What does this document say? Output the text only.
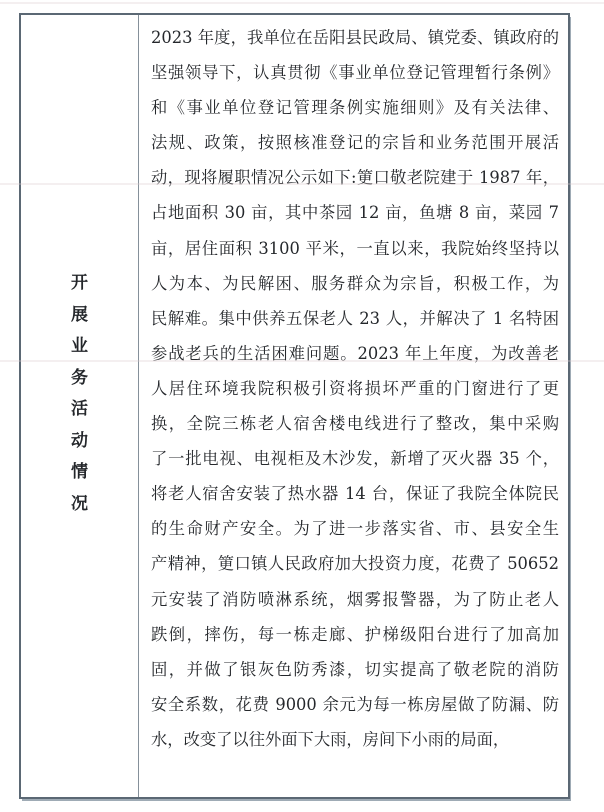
开
展
业
务
活
动
情
况
2023 年度，我单位在岳阳县民政局、镇党委、镇政府的
坚强领导下，认真贯彻《事业单位登记管理暂行条例》
和《事业单位登记管理条例实施细则》及有关法律、
法规、政策，按照核准登记的宗旨和业务范围开展活
动，现将履职情况公示如下:筻口敬老院建于 1987 年，
占地面积 30 亩，其中茶园 12 亩，鱼塘 8 亩，菜园 7
亩，居住面积 3100 平米，一直以来，我院始终坚持以
人为本、为民解困、服务群众为宗旨，积极工作，为
民解难。集中供养五保老人 23 人，并解决了 1 名特困
参战老兵的生活困难问题。2023 年上年度，为改善老
人居住环境我院积极引资将损坏严重的门窗进行了更
换，全院三栋老人宿舍楼电线进行了整改，集中采购
了一批电视、电视柜及木沙发，新增了灭火器 35 个，
将老人宿舍安装了热水器 14 台，保证了我院全体院民
的生命财产安全。为了进一步落实省、市、县安全生
产精神，筻口镇人民政府加大投资力度，花费了 50652
元安装了消防喷淋系统，烟雾报警器，为了防止老人
跌倒，摔伤，每一栋走廊、护梯级阳台进行了加高加
固，并做了银灰色防秀漆，切实提高了敬老院的消防
安全系数，花费 9000 余元为每一栋房屋做了防漏、防
水，改变了以往外面下大雨，房间下小雨的局面，
